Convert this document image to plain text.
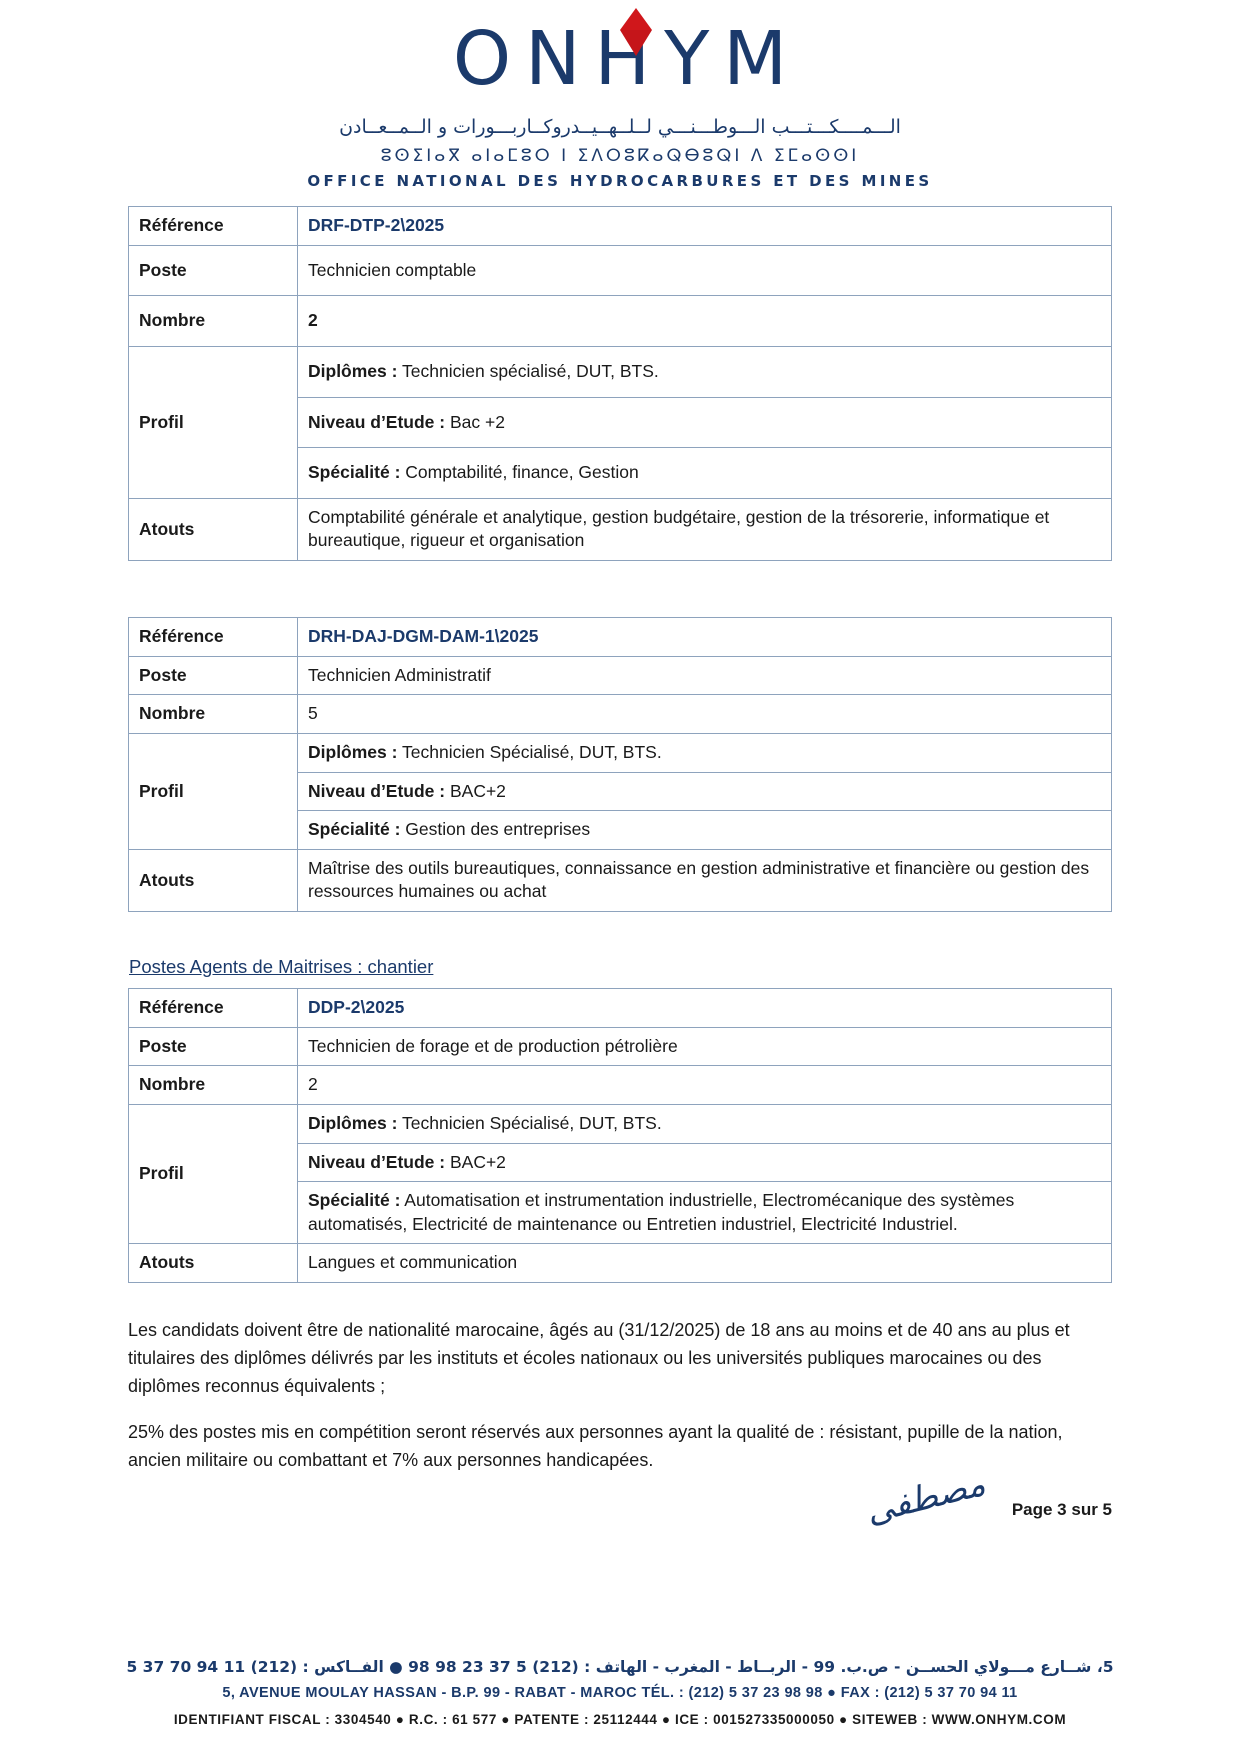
ONHYM

الـــمــــكـــتـــب الـــوطـــنـــي لــلــهــيــدروكــاربـــورات و الــمــعــادن
ⵓⵙⵉⵏⴰⴳ ⴰⵏⴰⵎⵓⵔ ⵏ ⵉⴷⵔⵓⴽⴰⵕⴱⵓⵕⵏ ⴷ ⵉⵎⴰⵙⵙⵏ
OFFICE NATIONAL DES HYDROCARBURES ET DES MINES
Référence	DRF-DTP-2\2025
Poste	Technicien comptable
Nombre	2
Profil	Diplômes : Technicien spécialisé, DUT, BTS.
	Niveau d’Etude : Bac +2
	Spécialité : Comptabilité, finance, Gestion
Atouts	Comptabilité générale et analytique, gestion budgétaire, gestion de la trésorerie, informatique et bureautique, rigueur et organisation
Référence	DRH-DAJ-DGM-DAM-1\2025
Poste	Technicien Administratif
Nombre	5
Profil	Diplômes : Technicien Spécialisé, DUT, BTS.
	Niveau d’Etude : BAC+2
	Spécialité : Gestion des entreprises
Atouts	Maîtrise des outils bureautiques, connaissance en gestion administrative et financière ou gestion des ressources humaines ou achat
Postes Agents de Maitrises : chantier
Référence	DDP-2\2025
Poste	Technicien de forage et de production pétrolière
Nombre	2
Profil	Diplômes : Technicien Spécialisé, DUT, BTS.
	Niveau d’Etude : BAC+2
	Spécialité : Automatisation et instrumentation industrielle, Electromécanique des systèmes automatisés, Electricité de maintenance ou Entretien industriel, Electricité Industriel.
Atouts	Langues et communication

Les candidats doivent être de nationalité marocaine, âgés au (31/12/2025) de 18 ans au moins et de 40 ans au plus et titulaires des diplômes délivrés par les instituts et écoles nationaux ou les universités publiques marocaines ou des diplômes reconnus équivalents ;

25% des postes mis en compétition seront réservés aux personnes ayant la qualité de : résistant, pupille de la nation, ancien militaire ou combattant et 7% aux personnes handicapées.

مصطفى Page 3 sur 5
5، شــارع مـــولاي الحســن - ص.ب. 99 - الربــاط - المغرب - الهاتف : (212) 5 37 23 98 98 ● الفــاكس : (212) 11 94 70 37 5
5, AVENUE MOULAY HASSAN - B.P. 99 - RABAT - MAROC TÉL. : (212) 5 37 23 98 98 ● FAX : (212) 5 37 70 94 11
IDENTIFIANT FISCAL : 3304540 ● R.C. : 61 577 ● PATENTE : 25112444 ● ICE : 001527335000050 ● SITEWEB : WWW.ONHYM.COM
